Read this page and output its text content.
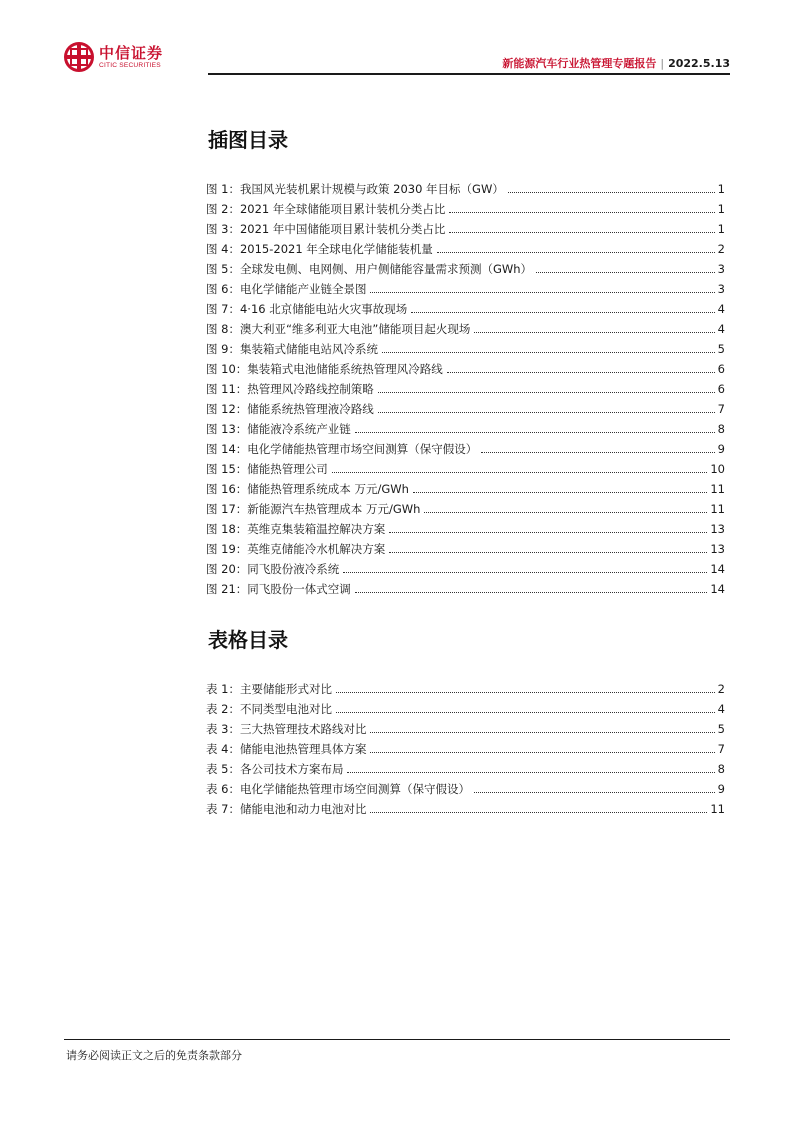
中信证券
CITIC SECURITIES	新能源汽车行业热管理专题报告 | 2022.5.13
插图目录
图 1：我国风光装机累计规模与政策 2030 年目标（GW）	1
图 2：2021 年全球储能项目累计装机分类占比	1
图 3：2021 年中国储能项目累计装机分类占比	1
图 4：2015-2021 年全球电化学储能装机量	2
图 5：全球发电侧、电网侧、用户侧储能容量需求预测（GWh）	3
图 6：电化学储能产业链全景图	3
图 7：4·16 北京储能电站火灾事故现场	4
图 8：澳大利亚“维多利亚大电池”储能项目起火现场	4
图 9：集装箱式储能电站风冷系统	5
图 10：集装箱式电池储能系统热管理风冷路线	6
图 11：热管理风冷路线控制策略	6
图 12：储能系统热管理液冷路线	7
图 13：储能液冷系统产业链	8
图 14：电化学储能热管理市场空间测算（保守假设）	9
图 15：储能热管理公司	10
图 16：储能热管理系统成本 万元/GWh	11
图 17：新能源汽车热管理成本 万元/GWh	11
图 18：英维克集装箱温控解决方案	13
图 19：英维克储能冷水机解决方案	13
图 20：同飞股份液冷系统	14
图 21：同飞股份一体式空调	14
表格目录
表 1：主要储能形式对比	2
表 2：不同类型电池对比	4
表 3：三大热管理技术路线对比	5
表 4：储能电池热管理具体方案	7
表 5：各公司技术方案布局	8
表 6：电化学储能热管理市场空间测算（保守假设）	9
表 7：储能电池和动力电池对比	11
请务必阅读正文之后的免责条款部分
